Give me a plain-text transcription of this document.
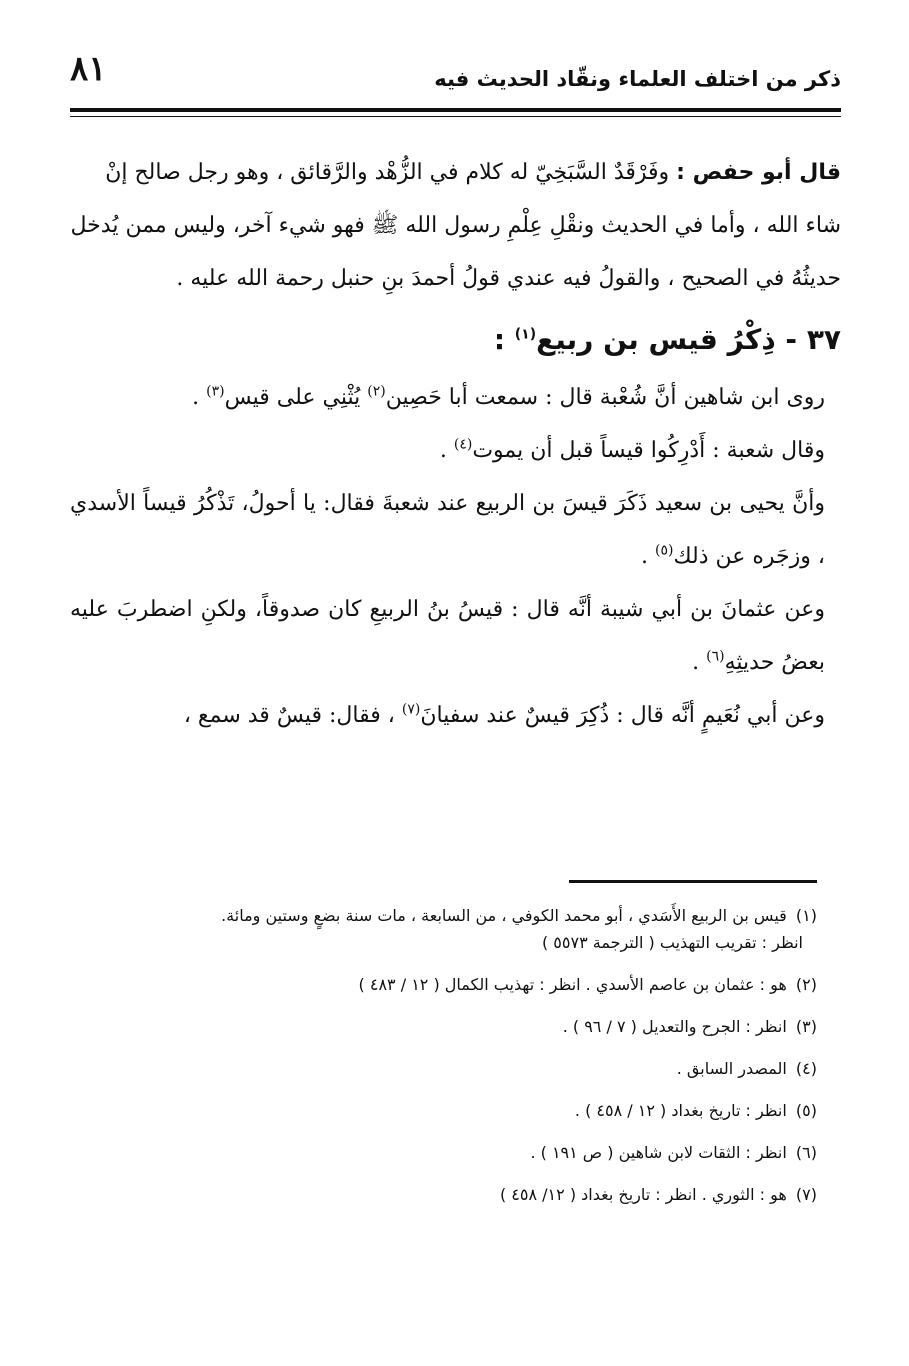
٨١	ذكر من اختلف العلماء ونقّاد الحديث فيه

قال أبو حفص : وفَرْقَدٌ السَّبَخِيّ له كلام في الزُّهْد والرَّقائق ، وهو رجل صالح إنْ شاء الله ، وأما في الحديث ونقْلِ عِلْمِ رسول الله ﷺ فهو شيء آخر، وليس ممن يُدخل حديثُهُ في الصحيح ، والقولُ فيه عندي قولُ أحمدَ بنِ حنبل رحمة الله عليه .

٣٧ - ذِكْرُ قيس بن ربيع$^{(١)}$ :

روى ابن شاهين أنَّ شُعْبة قال : سمعت أبا حَصِين$^{(٢)}$ يُثْنِي على قيس$^{(٣)}$ .

وقال شعبة : أَدْرِكُوا قيساً قبل أن يموت$^{(٤)}$ .

وأنَّ يحيى بن سعيد ذَكَرَ قيسَ بن الربيع عند شعبةَ فقال: يا أحولُ، تَذْكُرُ قيساً الأسدي ، وزجَره عن ذلك$^{(٥)}$ .

وعن عثمانَ بن أبي شيبة أنَّه قال : قيسُ بنُ الربيعِ كان صدوقاً، ولكنِ اضطربَ عليه بعضُ حديثِهِ$^{(٦)}$ .

وعن أبي نُعَيمٍ أنَّه قال : ذُكِرَ قيسٌ عند سفيانَ$^{(٧)}$ ، فقال: قيسٌ قد سمع ،

(١) قيس بن الربيع الأَسَدي ، أبو محمد الكوفي ، من السابعة ، مات سنة بضعٍ وستين ومائة.
انظر : تقريب التهذيب ( الترجمة ٥٥٧٣ )
(٢) هو : عثمان بن عاصم الأسدي . انظر : تهذيب الكمال ( ١٢ / ٤٨٣ )
(٣) انظر : الجرح والتعديل ( ٧ / ٩٦ ) .
(٤) المصدر السابق .
(٥) انظر : تاريخ بغداد ( ١٢ / ٤٥٨ ) .
(٦) انظر : الثقات لابن شاهين ( ص ١٩١ ) .
(٧) هو : الثوري . انظر : تاريخ بغداد ( ١٢/ ٤٥٨ )
